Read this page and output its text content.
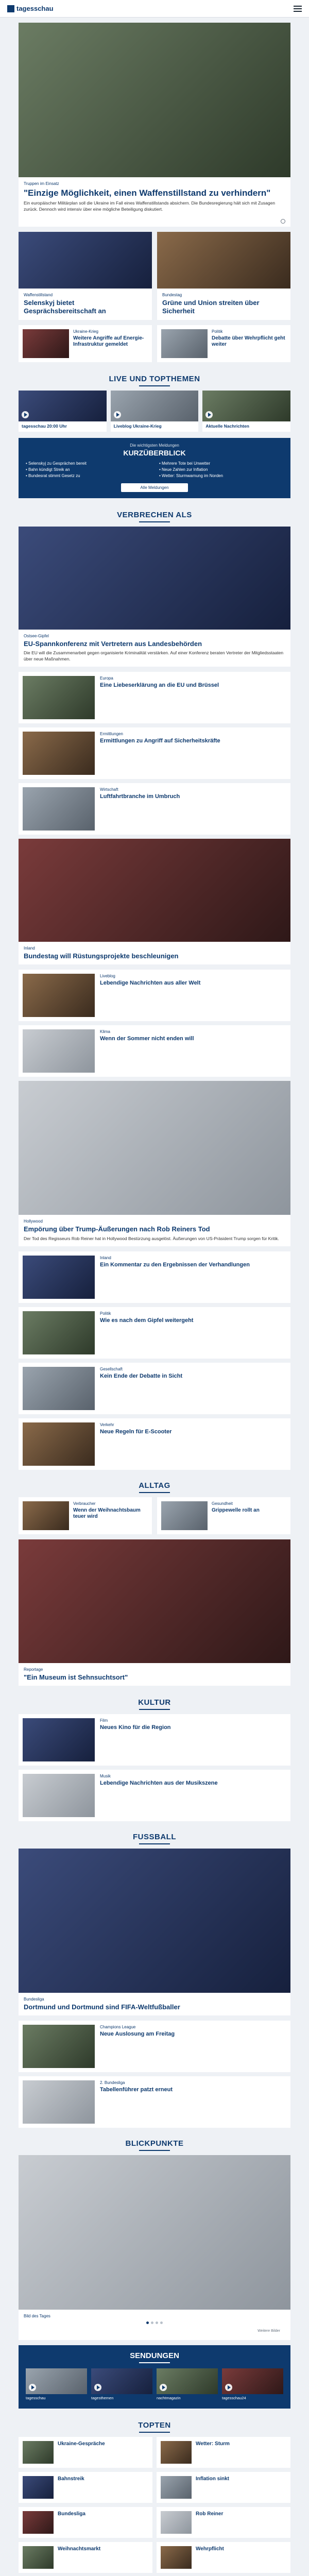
tagesschau
Truppen im Einsatz
"Einzige Möglichkeit, einen Waffenstillstand zu verhindern"
Ein europäischer Militärplan soll die Ukraine im Fall eines Waffenstillstands absichern. Die Bundesregierung hält sich mit Zusagen zurück. Dennoch wird intensiv über eine mögliche Beteiligung diskutiert.
Waffenstillstand
Selenskyj bietet Gesprächsbereitschaft an
Bundestag
Grüne und Union streiten über Sicherheit
Ukraine-Krieg
Weitere Angriffe auf Energie-Infrastruktur gemeldet
Politik
Debatte über Wehrpflicht geht weiter
LIVE UND TOPTHEMEN
tagesschau 20:00 Uhr	Liveblog Ukraine-Krieg	Aktuelle Nachrichten
Die wichtigsten Meldungen
KURZÜBERBLICK
• Selenskyj zu Gesprächen bereit	• Mehrere Tote bei Unwetter
• Bahn kündigt Streik an	• Neue Zahlen zur Inflation
• Bundesrat stimmt Gesetz zu	• Wetter: Sturmwarnung im Norden
Alle Meldungen
VERBRECHEN ALS
Ostsee-Gipfel
EU-Spannkonferenz mit Vertretern aus Landesbehörden
Die EU will die Zusammenarbeit gegen organisierte Kriminalität verstärken. Auf einer Konferenz beraten Vertreter der Mitgliedsstaaten über neue Maßnahmen.
Europa
Eine Liebeserklärung an die EU und Brüssel
Ermittlungen
Ermittlungen zu Angriff auf Sicherheitskräfte
Wirtschaft
Luftfahrtbranche im Umbruch
Inland
Bundestag will Rüstungsprojekte beschleunigen
Liveblog
Lebendige Nachrichten aus aller Welt
Klima
Wenn der Sommer nicht enden will
Hollywood
Empörung über Trump-Äußerungen nach Rob Reiners Tod
Der Tod des Regisseurs Rob Reiner hat in Hollywood Bestürzung ausgelöst. Äußerungen von US-Präsident Trump sorgen für Kritik.
Inland
Ein Kommentar zu den Ergebnissen der Verhandlungen
Politik
Wie es nach dem Gipfel weitergeht
Gesellschaft
Kein Ende der Debatte in Sicht
Verkehr
Neue Regeln für E-Scooter
ALLTAG
Verbraucher
Wenn der Weihnachtsbaum teuer wird
Gesundheit
Grippewelle rollt an
Reportage
"Ein Museum ist Sehnsuchtsort"
KULTUR
Film
Neues Kino für die Region
Musik
Lebendige Nachrichten aus der Musikszene
FUSSBALL
Bundesliga
Dortmund und Dortmund sind FIFA-Weltfußballer
Champions League
Neue Auslosung am Freitag
2. Bundesliga
Tabellenführer patzt erneut
BLICKPUNKTE
Bild des Tages
Weitere Bilder
SENDUNGEN
tagesschau	tagesthemen	nachtmagazin	tagesschau24
TOPTEN
Ukraine-Gespräche	Wetter: Sturm
Bahnstreik	Inflation sinkt
Bundesliga	Rob Reiner
Weihnachtsmarkt	Wehrpflicht
